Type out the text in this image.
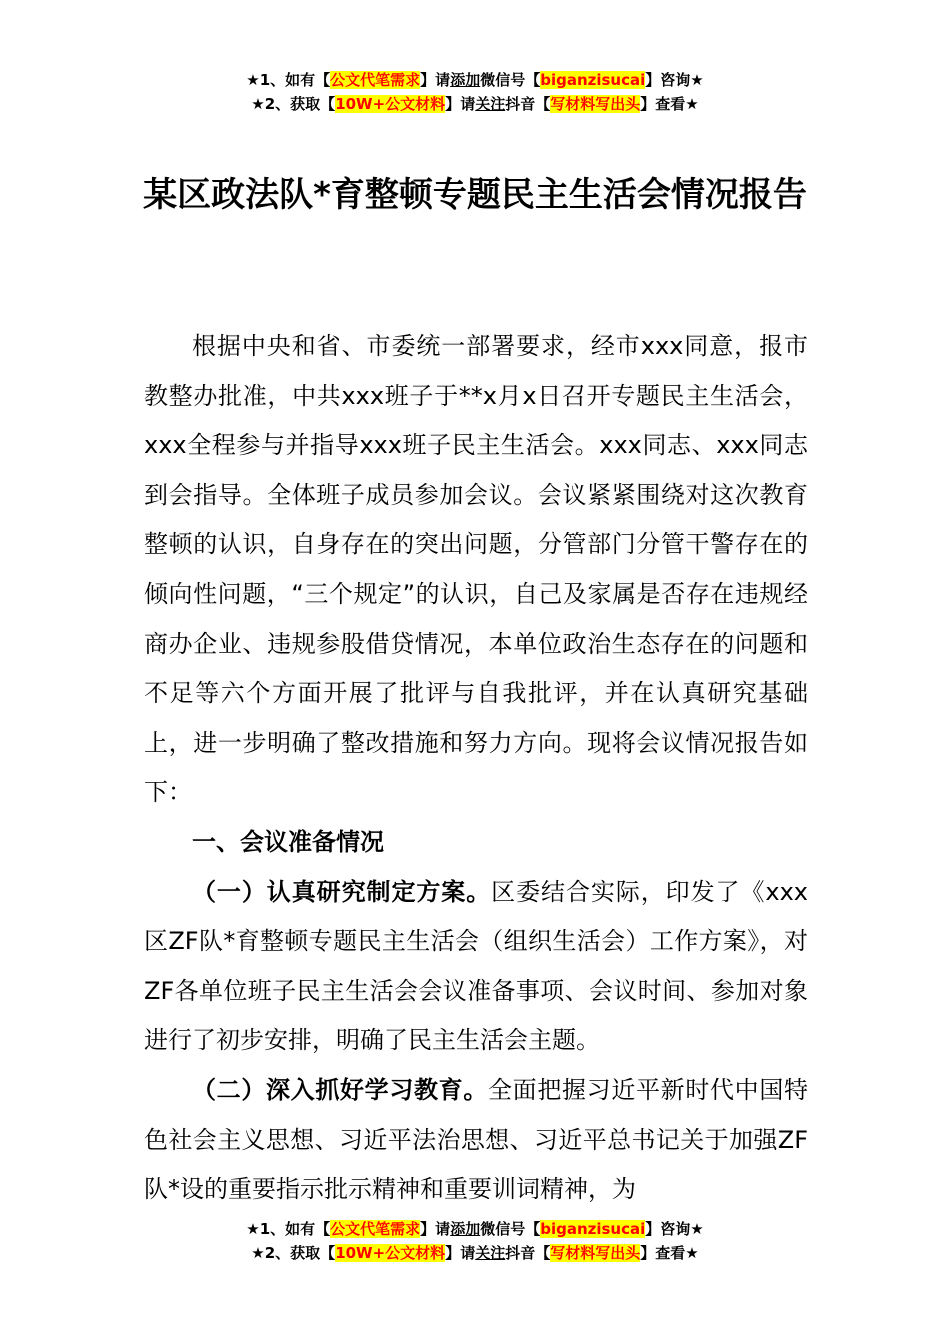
★1、如有【公文代笔需求】请添加微信号【biganzisucai】咨询★
★2、获取【10W+公文材料】请关注抖音【写材料写出头】查看★
某区政法队*育整顿专题民主生活会情况报告

根据中央和省、市委统一部署要求，经市xxx同意，报市教整办批准，中共xxx班子于**x月x日召开专题民主生活会，xxx全程参与并指导xxx班子民主生活会。xxx同志、xxx同志到会指导。全体班子成员参加会议。会议紧紧围绕对这次教育整顿的认识，自身存在的突出问题，分管部门分管干警存在的倾向性问题，“三个规定”的认识，自己及家属是否存在违规经商办企业、违规参股借贷情况，本单位政治生态存在的问题和不足等六个方面开展了批评与自我批评，并在认真研究基础上，进一步明确了整改措施和努力方向。现将会议情况报告如下：

一、会议准备情况

（一）认真研究制定方案。区委结合实际，印发了《xxx区ZF队*育整顿专题民主生活会（组织生活会）工作方案》，对ZF各单位班子民主生活会会议准备事项、会议时间、参加对象进行了初步安排，明确了民主生活会主题。

（二）深入抓好学习教育。全面把握习近平新时代中国特色社会主义思想、习近平法治思想、习近平总书记关于加强ZF队*设的重要指示批示精神和重要训词精神，为

★1、如有【公文代笔需求】请添加微信号【biganzisucai】咨询★
★2、获取【10W+公文材料】请关注抖音【写材料写出头】查看★
